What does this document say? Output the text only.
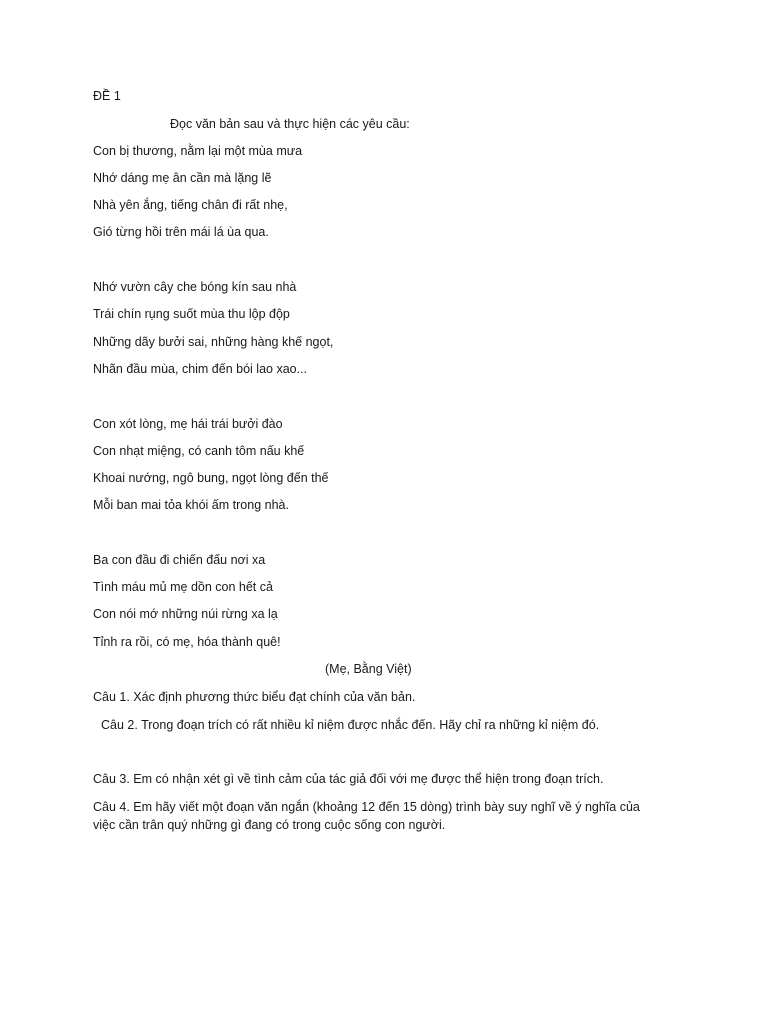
ĐỀ 1
Đọc văn bản sau và thực hiện các yêu cầu:
Con bị thương, nằm lại một mùa mưa
Nhớ dáng mẹ ân cần mà lặng lẽ
Nhà yên ắng, tiếng chân đi rất nhẹ,
Gió từng hồi trên mái lá ùa qua.
Nhớ vườn cây che bóng kín sau nhà
Trái chín rụng suốt mùa thu lộp độp
Những dãy bưởi sai, những hàng khế ngọt,
Nhãn đầu mùa, chim đến bói lao xao...
Con xót lòng, mẹ hái trái bưởi đào
Con nhạt miệng, có canh tôm nấu khế
Khoai nướng, ngô bung, ngọt lòng đến thế
Mỗi ban mai tỏa khói ấm trong nhà.
Ba con đầu đi chiến đấu nơi xa
Tình máu mủ mẹ dồn con hết cả
Con nói mớ những núi rừng xa lạ
Tỉnh ra rồi, có mẹ, hóa thành quê!
(Mẹ, Bằng Việt)
Câu 1. Xác định phương thức biểu đạt chính của văn bản.
Câu 2. Trong đoạn trích có rất nhiều kỉ niệm được nhắc đến. Hãy chỉ ra những kỉ niệm đó.
Câu 3. Em có nhận xét gì về tình cảm của tác giả đối với mẹ được thể hiện trong đoạn trích.
Câu 4. Em hãy viết một đoạn văn ngắn (khoảng 12 đến 15 dòng) trình bày suy nghĩ về ý nghĩa của
việc cần trân quý những gì đang có trong cuộc sống con người.
